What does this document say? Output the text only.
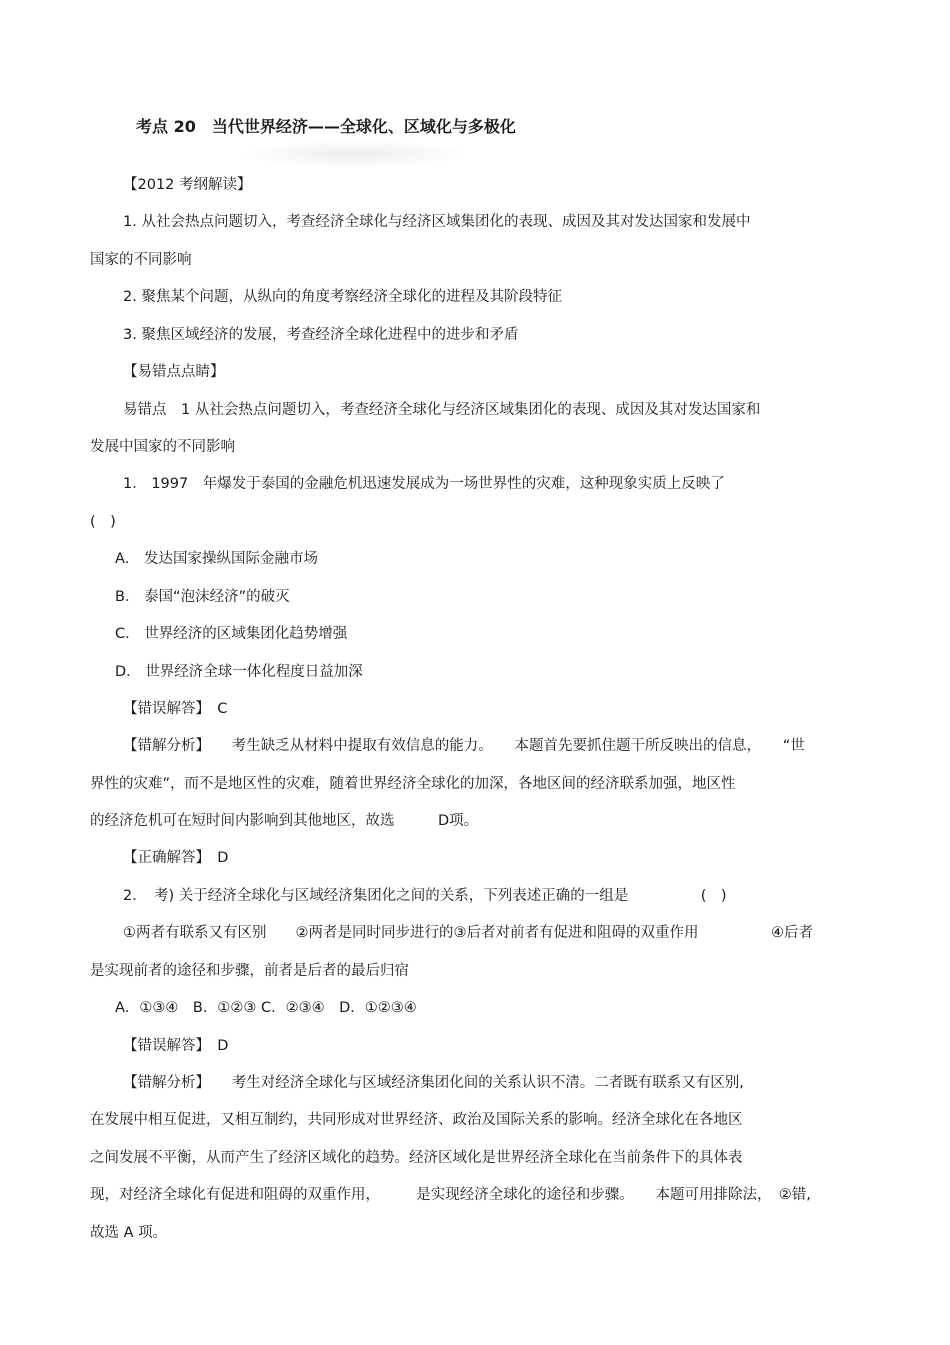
考点 20　当代世界经济——全球化、区域化与多极化
【2012 考纲解读】
1. 从社会热点问题切入，考查经济全球化与经济区域集团化的表现、成因及其对发达国家和发展中
国家的不同影响
2. 聚焦某个问题，从纵向的角度考察经济全球化的进程及其阶段特征
3. 聚焦区域经济的发展，考查经济全球化进程中的进步和矛盾
【易错点点睛】
易错点　1 从社会热点问题切入，考查经济全球化与经济区域集团化的表现、成因及其对发达国家和
发展中国家的不同影响
1． 1997　年爆发于泰国的金融危机迅速发展成为一场世界性的灾难，这种现象实质上反映了
(　)
A． 发达国家操纵国际金融市场
B． 泰国“泡沫经济”的破灭
C． 世界经济的区域集团化趋势增强
D． 世界经济全球一体化程度日益加深
【错误解答】　C
【错解分析】　　考生缺乏从材料中提取有效信息的能力。　　本题首先要抓住题干所反映出的信息，　　“世
界性的灾难”，而不是地区性的灾难，随着世界经济全球化的加深，各地区间的经济联系加强，地区性
的经济危机可在短时间内影响到其他地区，故选　　　D项。
【正确解答】　D
2．　考) 关于经济全球化与区域经济集团化之间的关系，下列表述正确的一组是　　　　　(　)
①两者有联系又有区别　　②两者是同时同步进行的③后者对前者有促进和阻碍的双重作用　　　　　④后者
是实现前者的途径和步骤，前者是后者的最后归宿
A．①③④　B．①②③ C．②③④　D．①②③④
【错误解答】　D
【错解分析】　　考生对经济全球化与区域经济集团化间的关系认识不清。二者既有联系又有区别,
在发展中相互促进，又相互制约，共同形成对世界经济、政治及国际关系的影响。经济全球化在各地区
之间发展不平衡，从而产生了经济区域化的趋势。经济区域化是世界经济全球化在当前条件下的具体表
现，对经济全球化有促进和阻碍的双重作用，　　　是实现经济全球化的途径和步骤。　　本题可用排除法，　②错,
故选 A 项。
